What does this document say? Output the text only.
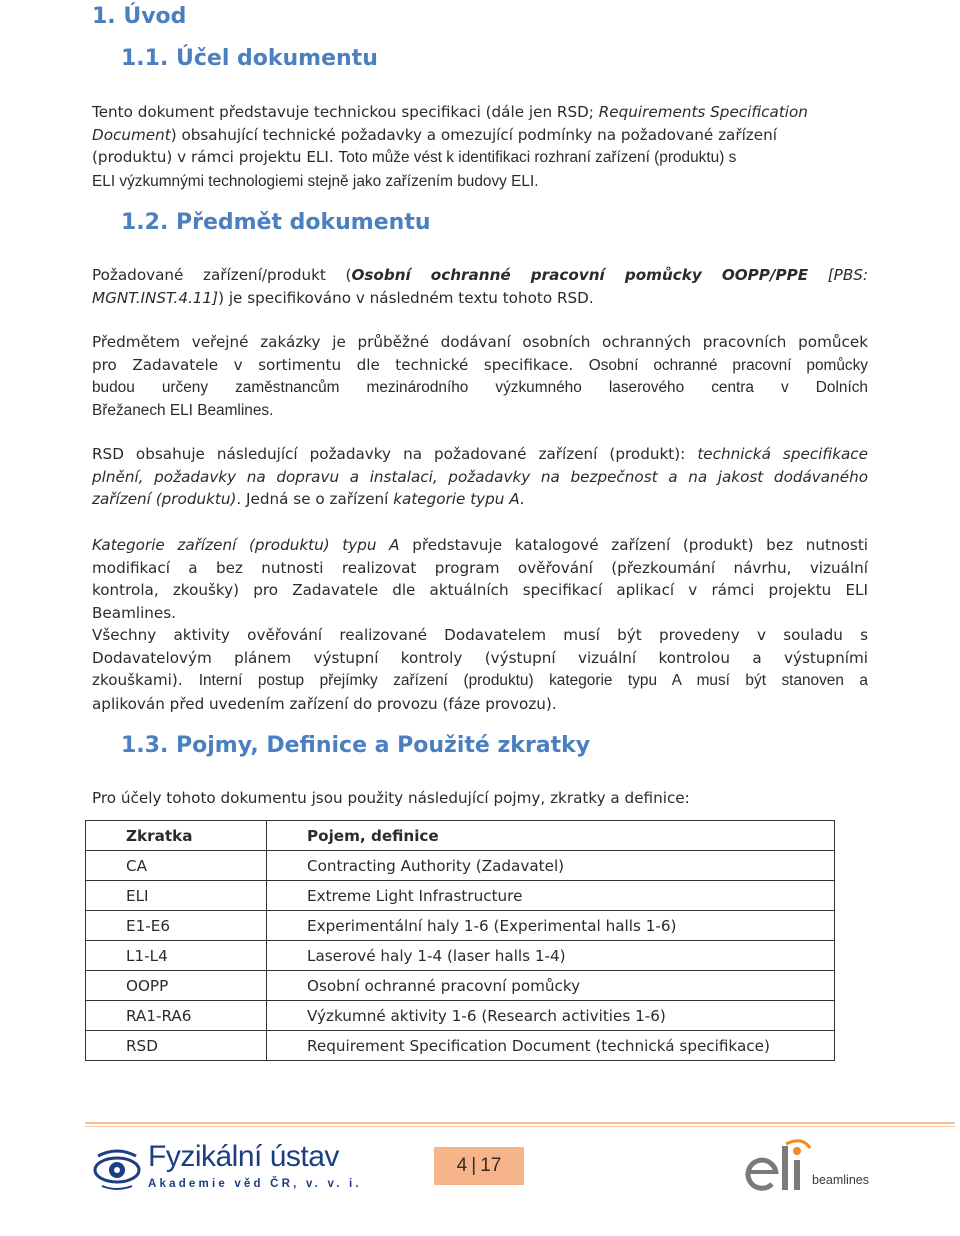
1. Úvod
1.1. Účel dokumentu
Tento dokument představuje technickou specifikaci (dále jen RSD; Requirements Specification
Document) obsahující technické požadavky a omezující podmínky na požadované zařízení
(produktu) v rámci projektu ELI. Toto může vést k identifikaci rozhraní zařízení (produktu) s
ELI výzkumnými technologiemi stejně jako zařízením budovy ELI.
1.2. Předmět dokumentu
Požadované zařízení/produkt (Osobní ochranné pracovní pomůcky OOPP/PPE [PBS:
MGNT.INST.4.11]) je specifikováno v následném textu tohoto RSD.
Předmětem veřejné zakázky je průběžné dodávaní osobních ochranných pracovních pomůcek
pro Zadavatele v sortimentu dle technické specifikace. Osobní ochranné pracovní pomůcky
budou určeny zaměstnancům mezinárodního výzkumného laserového centra v Dolních
Břežanech ELI Beamlines.
RSD obsahuje následující požadavky na požadované zařízení (produkt): technická specifikace
plnění, požadavky na dopravu a instalaci, požadavky na bezpečnost a na jakost dodávaného
zařízení (produktu). Jedná se o zařízení kategorie typu A.
Kategorie zařízení (produktu) typu A představuje katalogové zařízení (produkt) bez nutnosti
modifikací a bez nutnosti realizovat program ověřování (přezkoumání návrhu, vizuální
kontrola, zkoušky) pro Zadavatele dle aktuálních specifikací aplikací v rámci projektu ELI
Beamlines.
Všechny aktivity ověřování realizované Dodavatelem musí být provedeny v souladu s
Dodavatelovým plánem výstupní kontroly (výstupní vizuální kontrolou a výstupními
zkouškami). Interní postup přejímky zařízení (produktu) kategorie typu A musí být stanoven a
aplikován před uvedením zařízení do provozu (fáze provozu).
1.3. Pojmy, Definice a Použité zkratky
Pro účely tohoto dokumentu jsou použity následující pojmy, zkratky a definice:
Zkratka	Pojem, definice
CA	Contracting Authority (Zadavatel)
ELI	Extreme Light Infrastructure
E1-E6	Experimentální haly 1-6 (Experimental halls 1-6)
L1-L4	Laserové haly 1-4 (laser halls 1-4)
OOPP	Osobní ochranné pracovní pomůcky
RA1-RA6	Výzkumné aktivity 1-6 (Research activities 1-6)
RSD	Requirement Specification Document (technická specifikace)
Fyzikální ústav
Akademie věd ČR, v. v. i.
4 | 17
beamlines
